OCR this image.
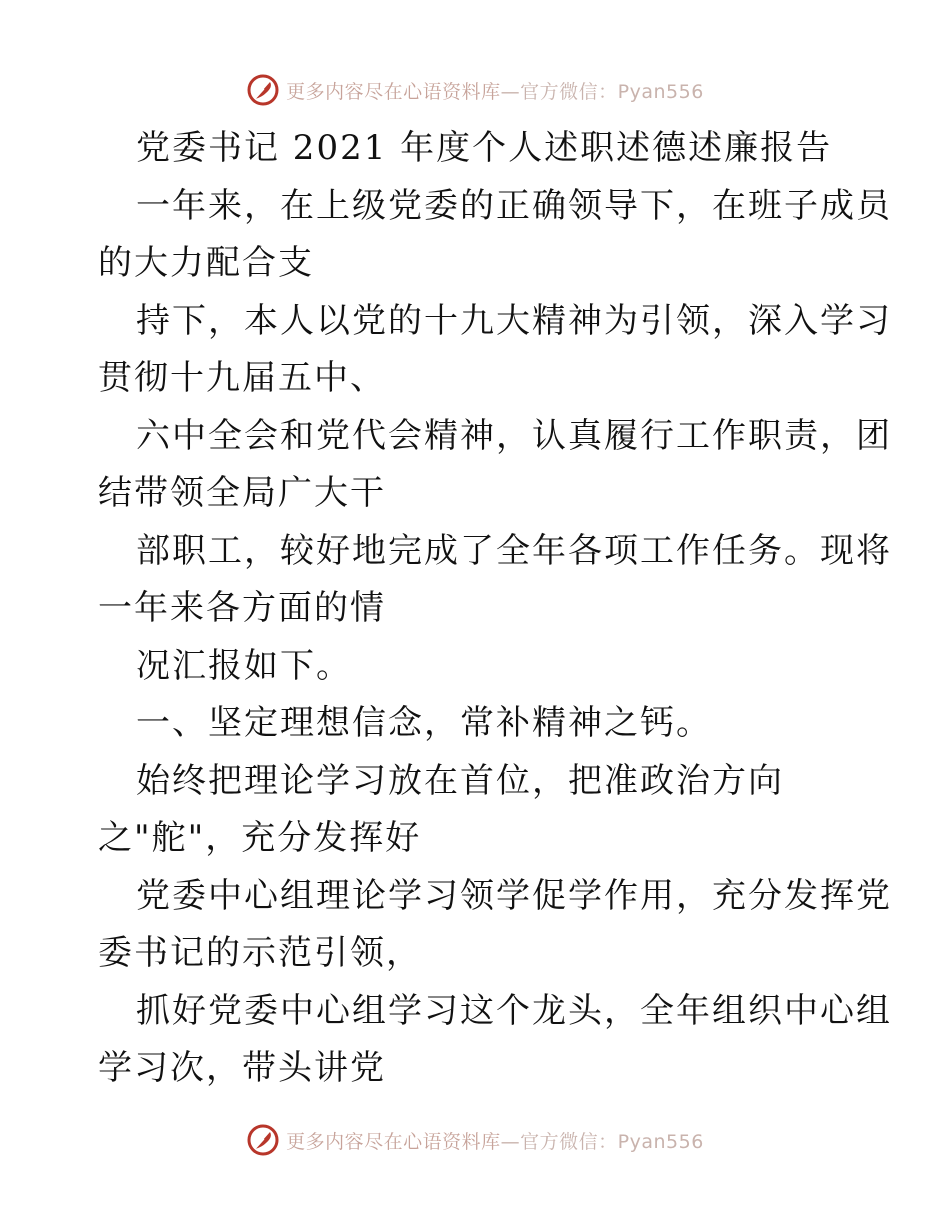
更多内容尽在心语资料库—官方微信：Pyan556
党委书记 2021 年度个人述职述德述廉报告
一年来，在上级党委的正确领导下，在班子成员
的大力配合支
持下，本人以党的十九大精神为引领，深入学习
贯彻十九届五中、
六中全会和党代会精神，认真履行工作职责，团
结带领全局广大干
部职工，较好地完成了全年各项工作任务。现将
一年来各方面的情
况汇报如下。
一、坚定理想信念，常补精神之钙。
始终把理论学习放在首位，把准政治方向
之"舵"，充分发挥好
党委中心组理论学习领学促学作用，充分发挥党
委书记的示范引领，
抓好党委中心组学习这个龙头，全年组织中心组
学习次，带头讲党
更多内容尽在心语资料库—官方微信：Pyan556
